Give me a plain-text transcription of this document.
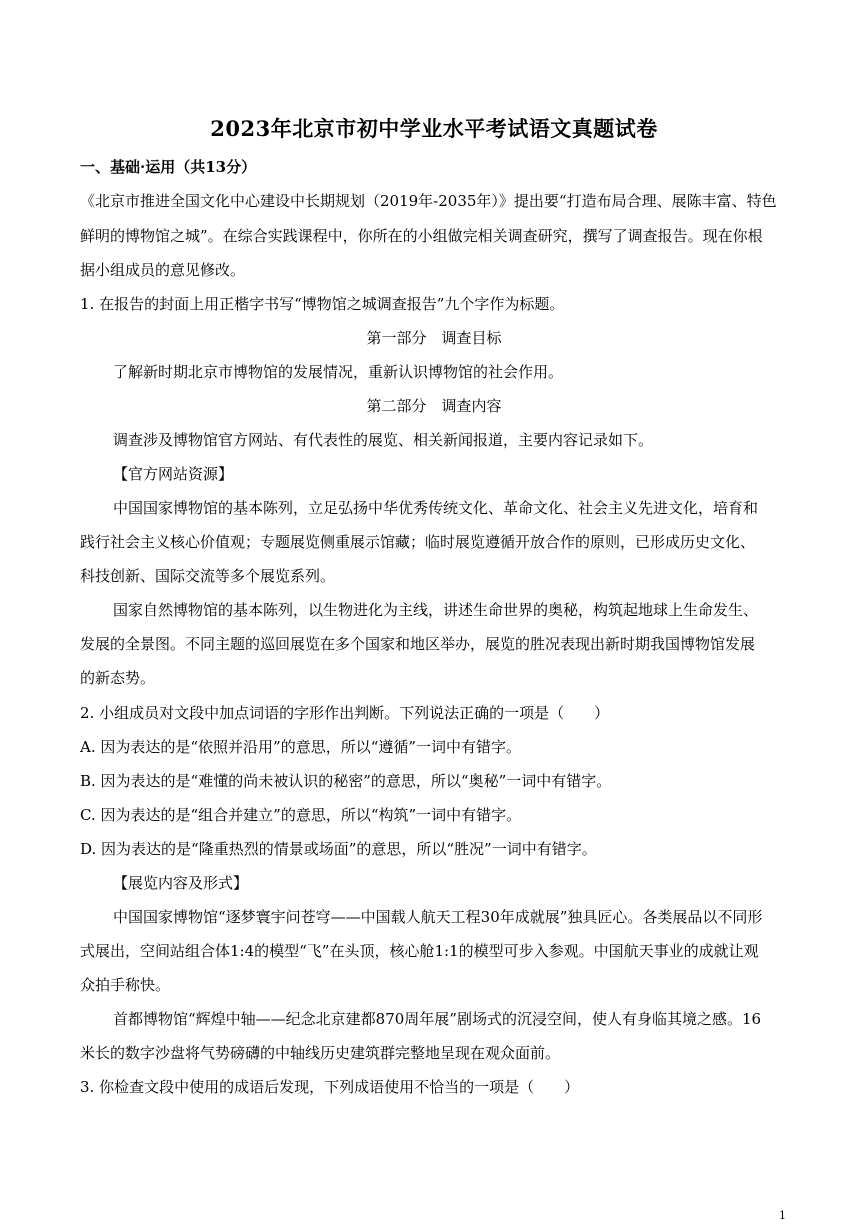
2023年北京市初中学业水平考试语文真题试卷
一、基础·运用（共13分）
《北京市推进全国文化中心建设中长期规划（2019年-2035年）》提出要“打造布局合理、展陈丰富、特色
鲜明的博物馆之城”。在综合实践课程中，你所在的小组做完相关调查研究，撰写了调查报告。现在你根
据小组成员的意见修改。
1. 在报告的封面上用正楷字书写“博物馆之城调查报告”九个字作为标题。
第一部分　调查目标
了解新时期北京市博物馆的发展情况，重新认识博物馆的社会作用。
第二部分　调查内容
调查涉及博物馆官方网站、有代表性的展览、相关新闻报道，主要内容记录如下。
【官方网站资源】
中国国家博物馆的基本陈列，立足弘扬中华优秀传统文化、革命文化、社会主义先进文化，培育和
践行社会主义核心价值观；专题展览侧重展示馆藏；临时展览遵循开放合作的原则，已形成历史文化、
科技创新、国际交流等多个展览系列。
国家自然博物馆的基本陈列，以生物进化为主线，讲述生命世界的奥秘，构筑起地球上生命发生、
发展的全景图。不同主题的巡回展览在多个国家和地区举办，展览的胜况表现出新时期我国博物馆发展
的新态势。
2. 小组成员对文段中加点词语的字形作出判断。下列说法正确的一项是（　　）
A. 因为表达的是“依照并沿用”的意思，所以“遵循”一词中有错字。
B. 因为表达的是“难懂的尚未被认识的秘密”的意思，所以“奥秘”一词中有错字。
C. 因为表达的是“组合并建立”的意思，所以“构筑”一词中有错字。
D. 因为表达的是“隆重热烈的情景或场面”的意思，所以“胜况”一词中有错字。
【展览内容及形式】
中国国家博物馆“逐梦寰宇问苍穹——中国载人航天工程30年成就展”独具匠心。各类展品以不同形
式展出，空间站组合体1:4的模型“飞”在头顶，核心舱1:1的模型可步入参观。中国航天事业的成就让观
众拍手称快。
首都博物馆“辉煌中轴——纪念北京建都870周年展”剧场式的沉浸空间，使人有身临其境之感。16
米长的数字沙盘将气势磅礴的中轴线历史建筑群完整地呈现在观众面前。
3. 你检查文段中使用的成语后发现，下列成语使用不恰当的一项是（　　）
1
